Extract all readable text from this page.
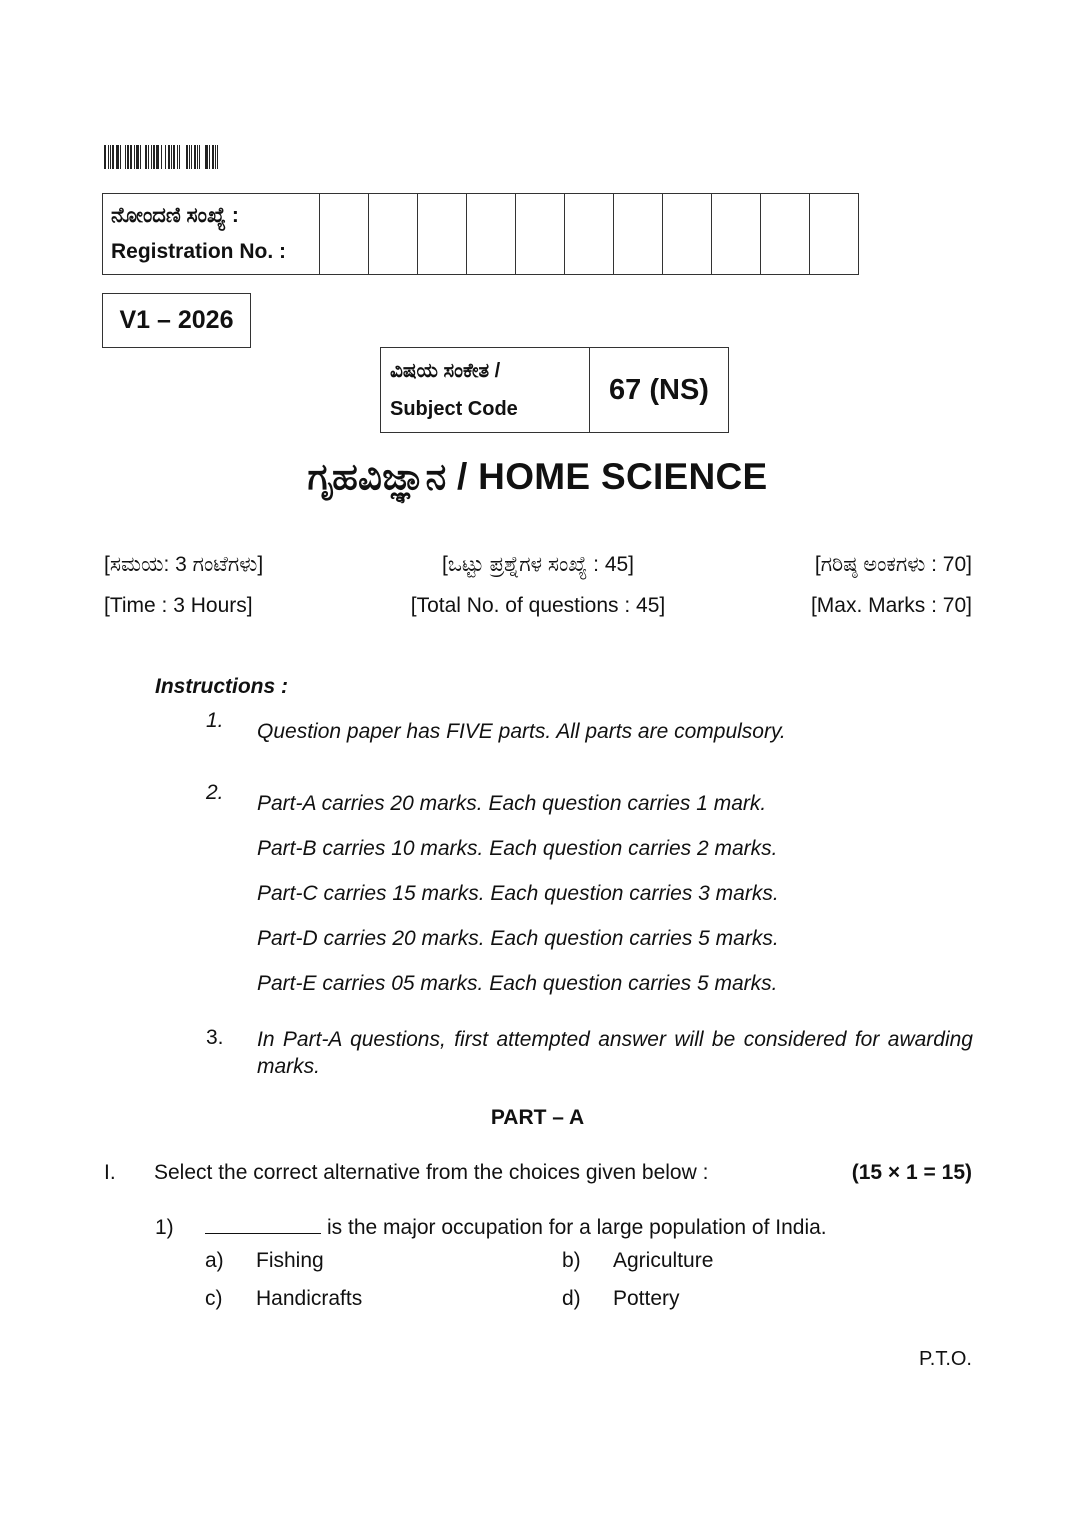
ನೋಂದಣಿ ಸಂಖ್ಯೆ :
Registration No. :

V1 – 2026
ವಿಷಯ ಸಂಕೇತ /
Subject Code
	67 (NS)
ಗೃಹವಿಜ್ಞಾನ / HOME SCIENCE
[ಸಮಯ: 3 ಗಂಟೆಗಳು]	[ಒಟ್ಟು ಪ್ರಶ್ನೆಗಳ ಸಂಖ್ಯೆ : 45]	[ಗರಿಷ್ಠ ಅಂಕಗಳು : 70]
[Time : 3 Hours]	[Total No. of questions : 45]	[Max. Marks : 70]
Instructions :
1. Question paper has FIVE parts. All parts are compulsory.
2. Part-A carries 20 marks. Each question carries 1 mark.
Part-B carries 10 marks. Each question carries 2 marks.
Part-C carries 15 marks. Each question carries 3 marks.
Part-D carries 20 marks. Each question carries 5 marks.
Part-E carries 05 marks. Each question carries 5 marks.
3. In Part-A questions, first attempted answer will be considered for awarding marks.
PART – A
I. Select the correct alternative from the choices given below :	(15 × 1 = 15)
1)	is the major occupation for a large population of India.
a) Fishing	b) Agriculture
c) Handicrafts	d) Pottery
P.T.O.
